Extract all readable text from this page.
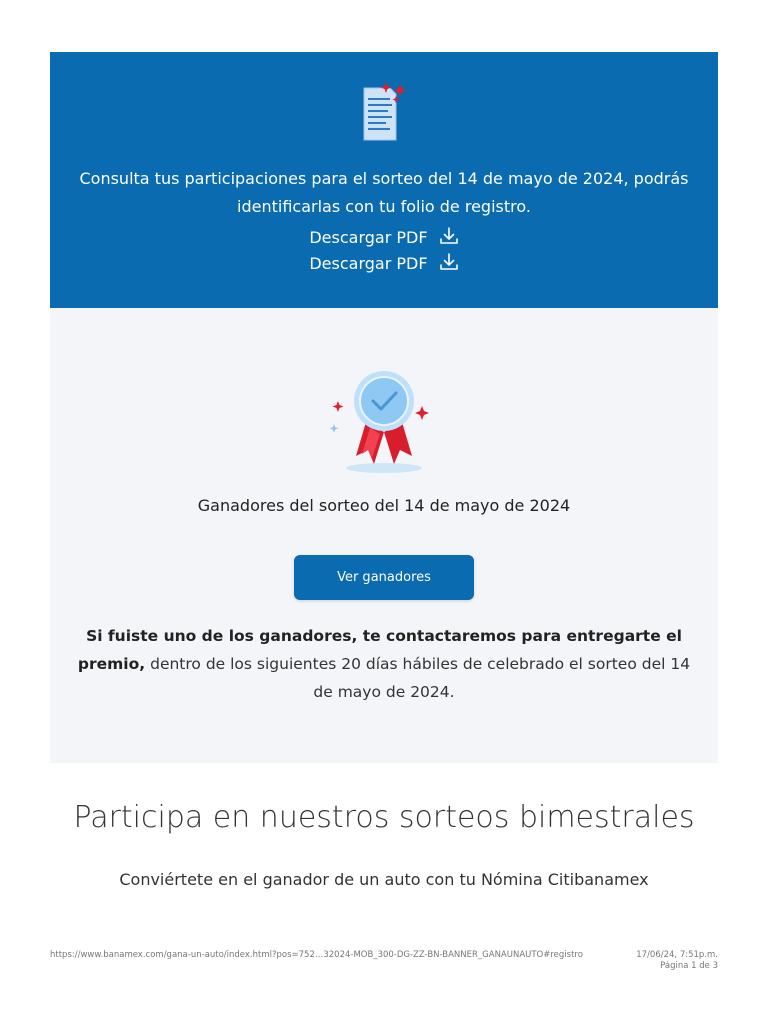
Consulta tus participaciones para el sorteo del 14 de mayo de 2024, podrás
identificarlas con tu folio de registro.
Descargar PDF
Descargar PDF
Ganadores del sorteo del 14 de mayo de 2024
Ver ganadores
Si fuiste uno de los ganadores, te contactaremos para entregarte el premio, dentro de los siguientes 20 días hábiles de celebrado el sorteo del 14 de mayo de 2024.
Participa en nuestros sorteos bimestrales
Conviértete en el ganador de un auto con tu Nómina Citibanamex
https://www.banamex.com/gana-un-auto/index.html?pos=752…32024-MOB_300-DG-ZZ-BN-BANNER_GANAUNAUTO#registro	17/06/24, 7:51p.m.
Página 1 de 3
